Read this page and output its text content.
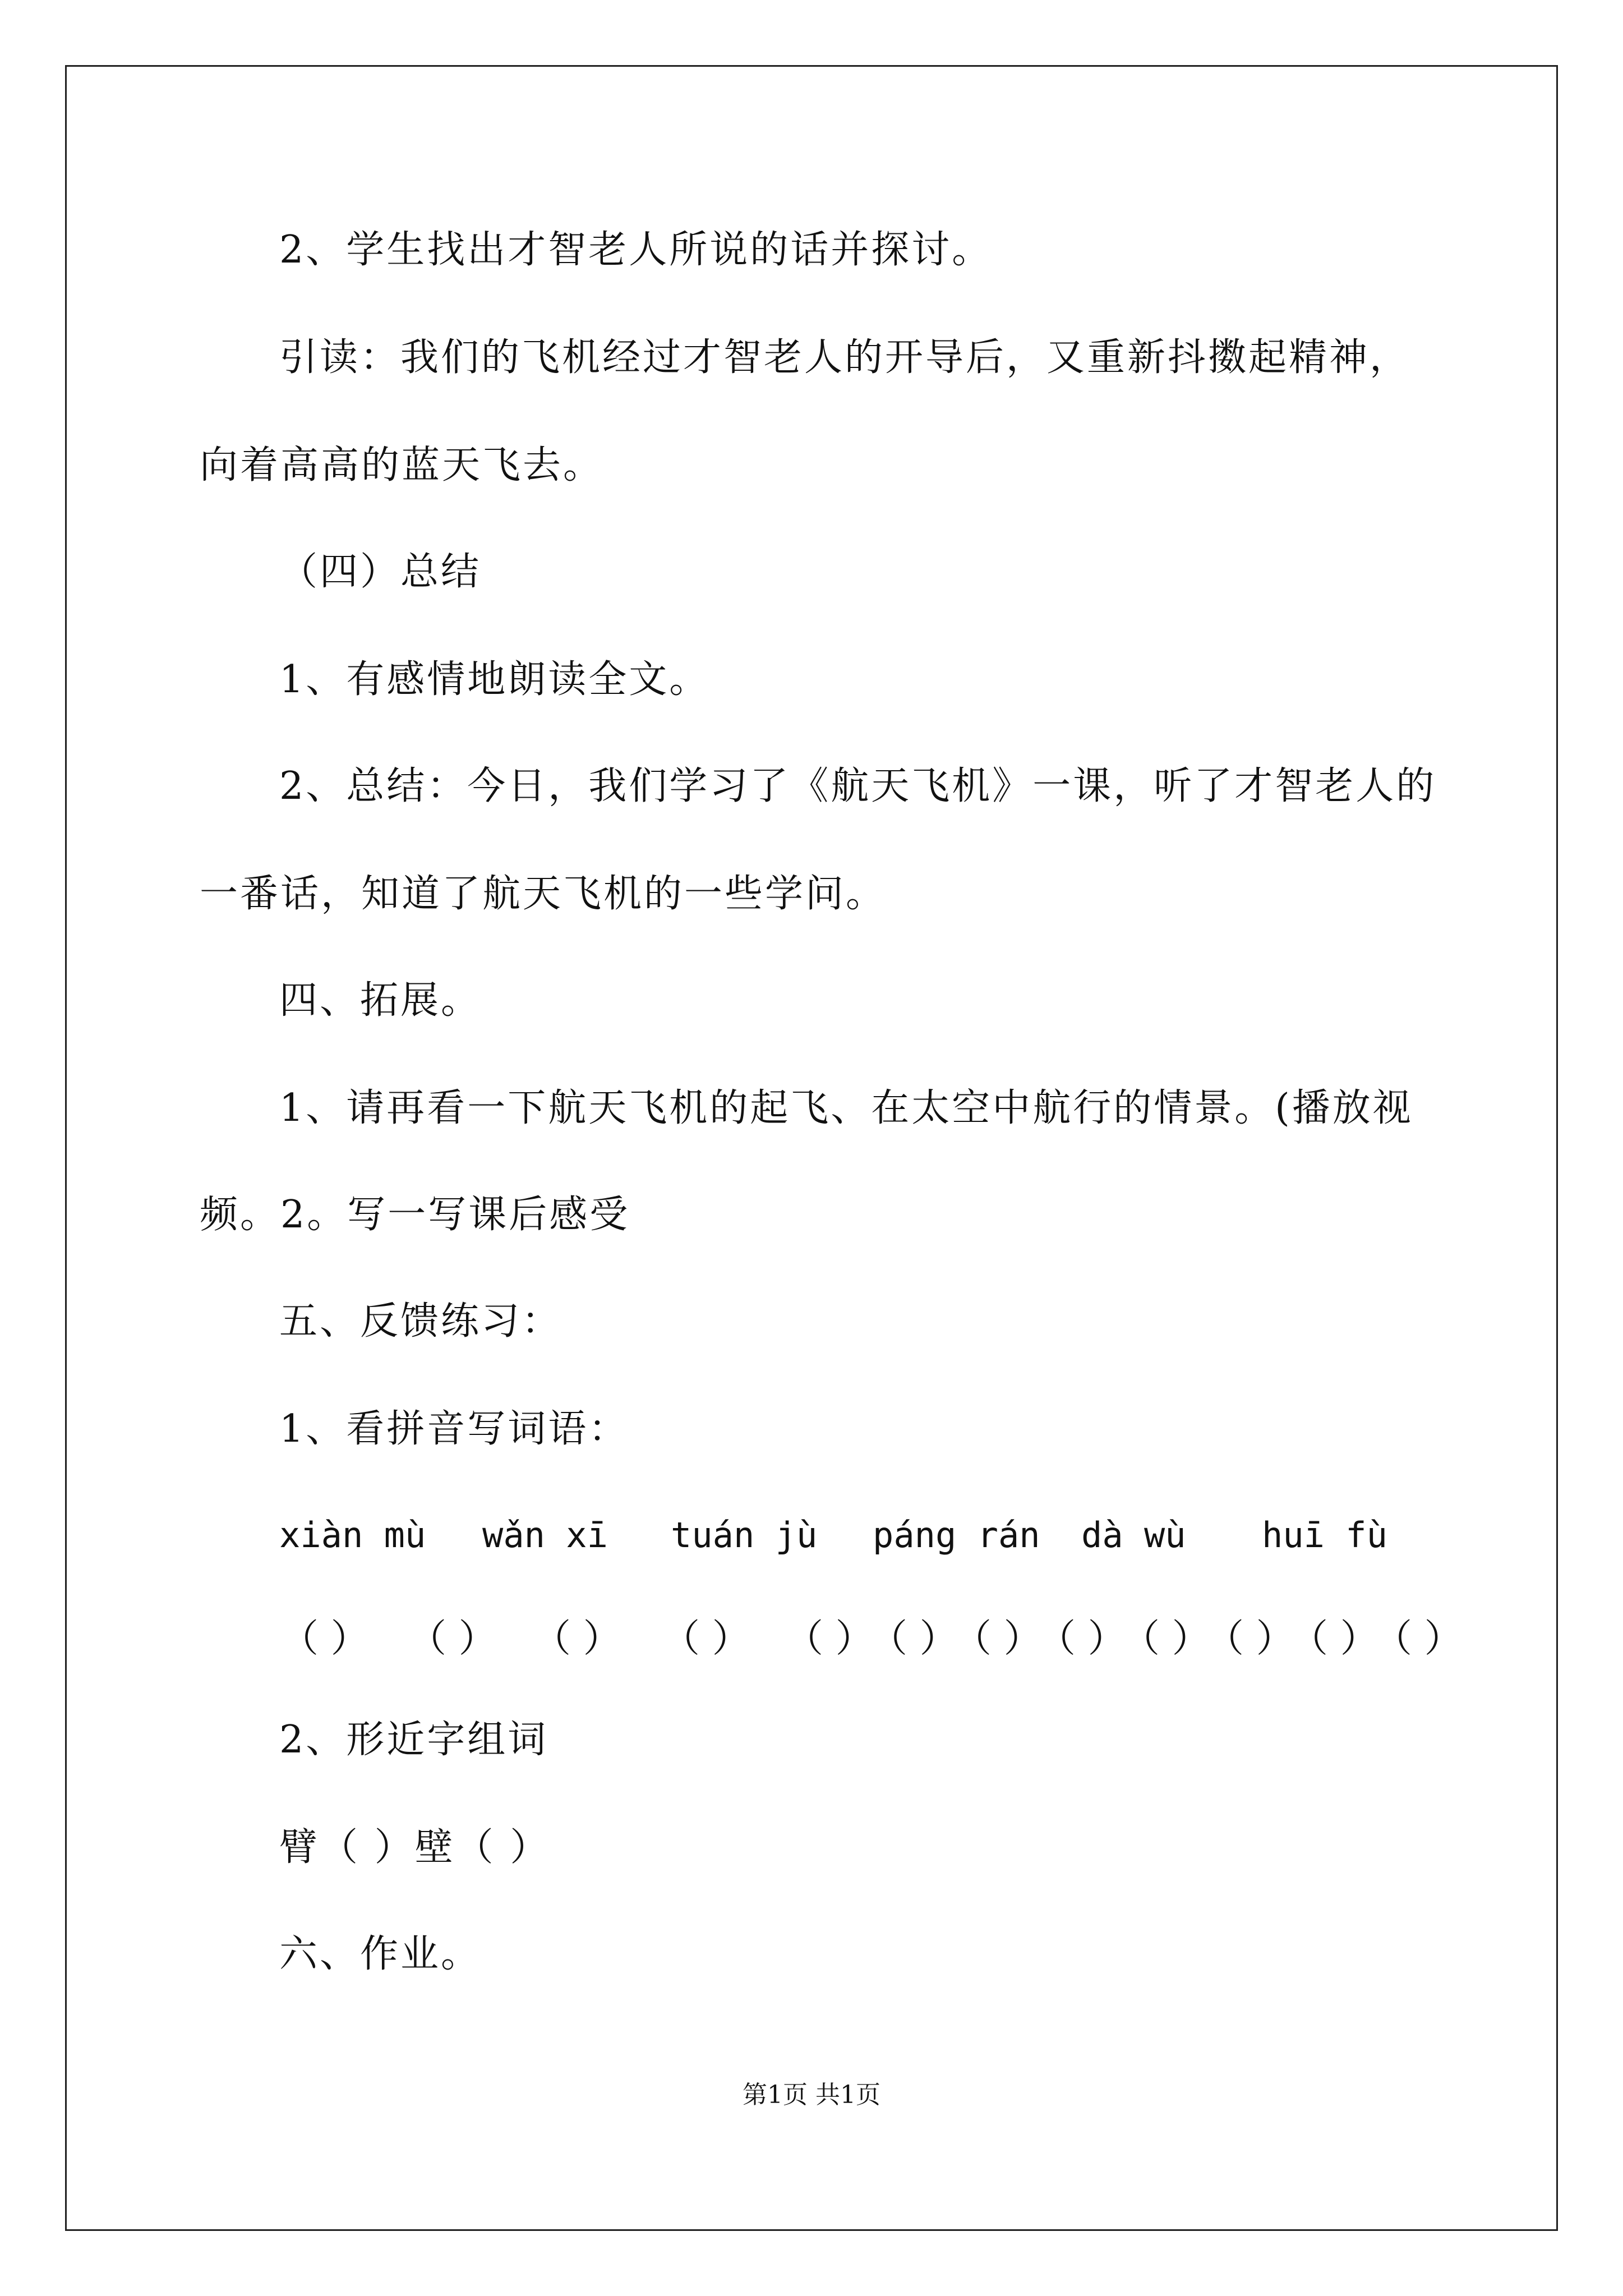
2、学生找出才智老人所说的话并探讨。
引读：我们的飞机经过才智老人的开导后，又重新抖擞起精神，
向着高高的蓝天飞去。
（四）总结
1、有感情地朗读全文。
2、总结：今日，我们学习了《航天飞机》一课，听了才智老人的
一番话，知道了航天飞机的一些学问。
四、拓展。
1、请再看一下航天飞机的起飞、在太空中航行的情景。(播放视
频。2。写一写课后感受
五、反馈练习：
1、看拼音写词语：
xiàn mù wǎn xī tuán jù páng rán dà wù huī fù
（ ） （ ） （ ） （ ） （ ）
（ ）
（ ）
（ ）
（ ）
（ ）
（ ）
（ ）
2、形近字组词
臂（ ）壁（ ）
六、作业。
第1页 共1页
